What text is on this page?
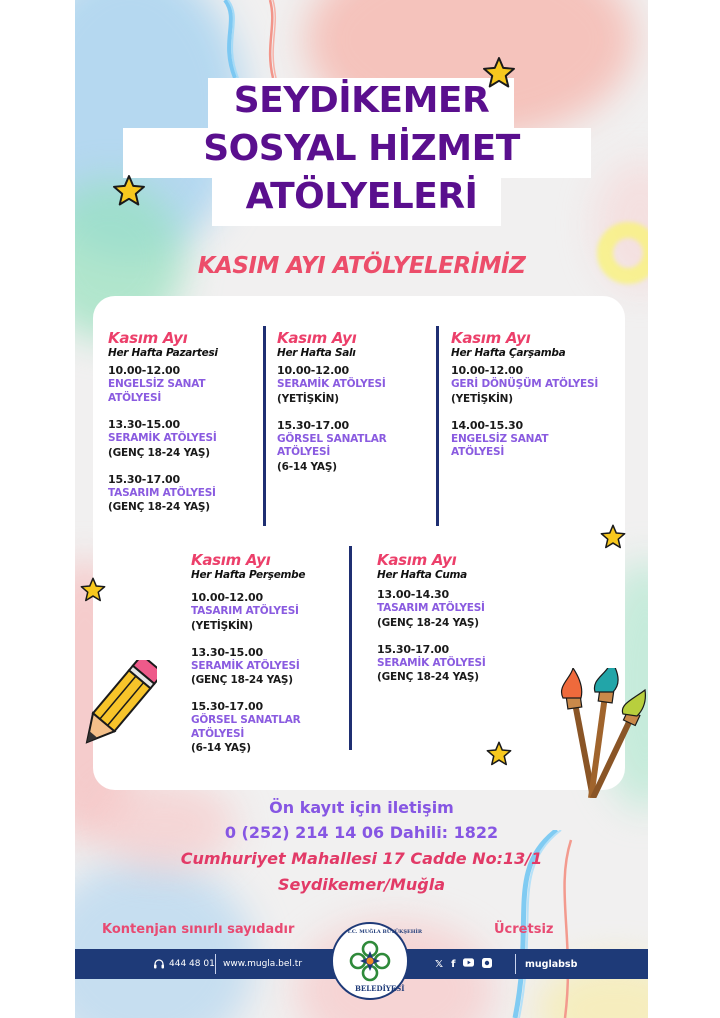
SEYDİKEMER
SOSYAL HİZMET
ATÖLYELERİ
KASIM AYI ATÖLYELERİMİZ
Kasım Ayı
Her Hafta Pazartesi
10.00-12.00
ENGELSİZ SANAT
ATÖLYESİ
13.30-15.00
SERAMİK ATÖLYESİ
(GENÇ 18-24 YAŞ)
15.30-17.00
TASARIM ATÖLYESİ
(GENÇ 18-24 YAŞ)
Kasım Ayı
Her Hafta Salı
10.00-12.00
SERAMİK ATÖLYESİ
(YETİŞKİN)
15.30-17.00
GÖRSEL SANATLAR
ATÖLYESİ
(6-14 YAŞ)
Kasım Ayı
Her Hafta Çarşamba
10.00-12.00
GERİ DÖNÜŞÜM ATÖLYESİ
(YETİŞKİN)
14.00-15.30
ENGELSİZ SANAT
ATÖLYESİ
Kasım Ayı
Her Hafta Perşembe
10.00-12.00
TASARIM ATÖLYESİ
(YETİŞKİN)
13.30-15.00
SERAMİK ATÖLYESİ
(GENÇ 18-24 YAŞ)
15.30-17.00
GÖRSEL SANATLAR
ATÖLYESİ
(6-14 YAŞ)
Kasım Ayı
Her Hafta Cuma
13.00-14.30
TASARIM ATÖLYESİ
(GENÇ 18-24 YAŞ)
15.30-17.00
SERAMİK ATÖLYESİ
(GENÇ 18-24 YAŞ)
Ön kayıt için iletişim
0 (252) 214 14 06 Dahili: 1822
Cumhuriyet Mahallesi 17 Cadde No:13/1
Seydikemer/Muğla
Kontenjan sınırlı sayıdadır	Ücretsiz
444 48 01 www.mugla.bel.tr	𝕏 f	muglabsb
T.C. MUĞLA BÜYÜKŞEHİR
BELEDİYESİ
